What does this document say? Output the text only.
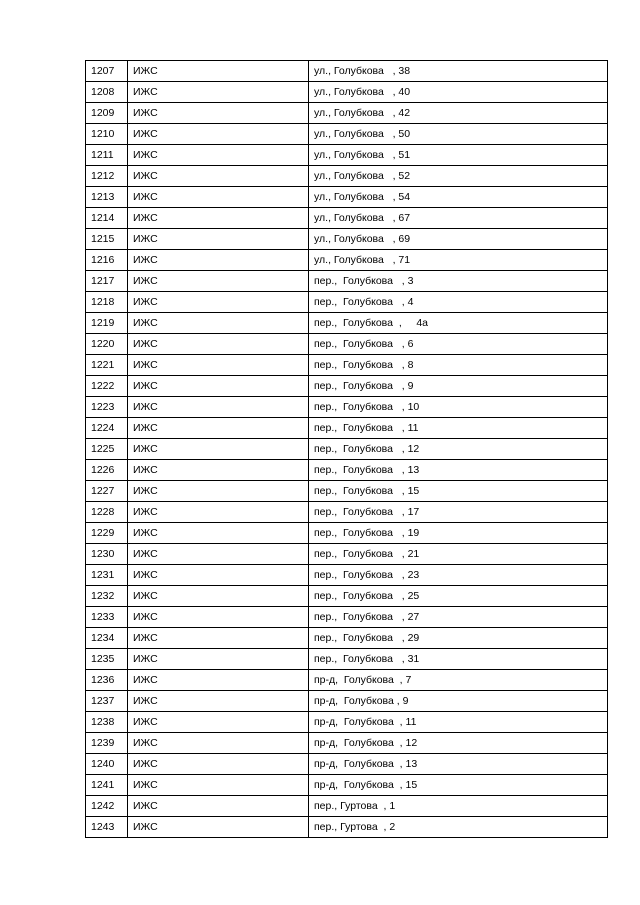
1207	ИЖС	ул., Голубкова   , 38
1208	ИЖС	ул., Голубкова   , 40
1209	ИЖС	ул., Голубкова   , 42
1210	ИЖС	ул., Голубкова   , 50
1211	ИЖС	ул., Голубкова   , 51
1212	ИЖС	ул., Голубкова   , 52
1213	ИЖС	ул., Голубкова   , 54
1214	ИЖС	ул., Голубкова   , 67
1215	ИЖС	ул., Голубкова   , 69
1216	ИЖС	ул., Голубкова   , 71
1217	ИЖС	пер.,  Голубкова   , 3
1218	ИЖС	пер.,  Голубкова   , 4
1219	ИЖС	пер.,  Голубкова  ,     4а
1220	ИЖС	пер.,  Голубкова   , 6
1221	ИЖС	пер.,  Голубкова   , 8
1222	ИЖС	пер.,  Голубкова   , 9
1223	ИЖС	пер.,  Голубкова   , 10
1224	ИЖС	пер.,  Голубкова   , 11
1225	ИЖС	пер.,  Голубкова   , 12
1226	ИЖС	пер.,  Голубкова   , 13
1227	ИЖС	пер.,  Голубкова   , 15
1228	ИЖС	пер.,  Голубкова   , 17
1229	ИЖС	пер.,  Голубкова   , 19
1230	ИЖС	пер.,  Голубкова   , 21
1231	ИЖС	пер.,  Голубкова   , 23
1232	ИЖС	пер.,  Голубкова   , 25
1233	ИЖС	пер.,  Голубкова   , 27
1234	ИЖС	пер.,  Голубкова   , 29
1235	ИЖС	пер.,  Голубкова   , 31
1236	ИЖС	пр-д,  Голубкова  , 7
1237	ИЖС	пр-д,  Голубкова , 9
1238	ИЖС	пр-д,  Голубкова  , 11
1239	ИЖС	пр-д,  Голубкова  , 12
1240	ИЖС	пр-д,  Голубкова  , 13
1241	ИЖС	пр-д,  Голубкова  , 15
1242	ИЖС	пер., Гуртова  , 1
1243	ИЖС	пер., Гуртова  , 2
